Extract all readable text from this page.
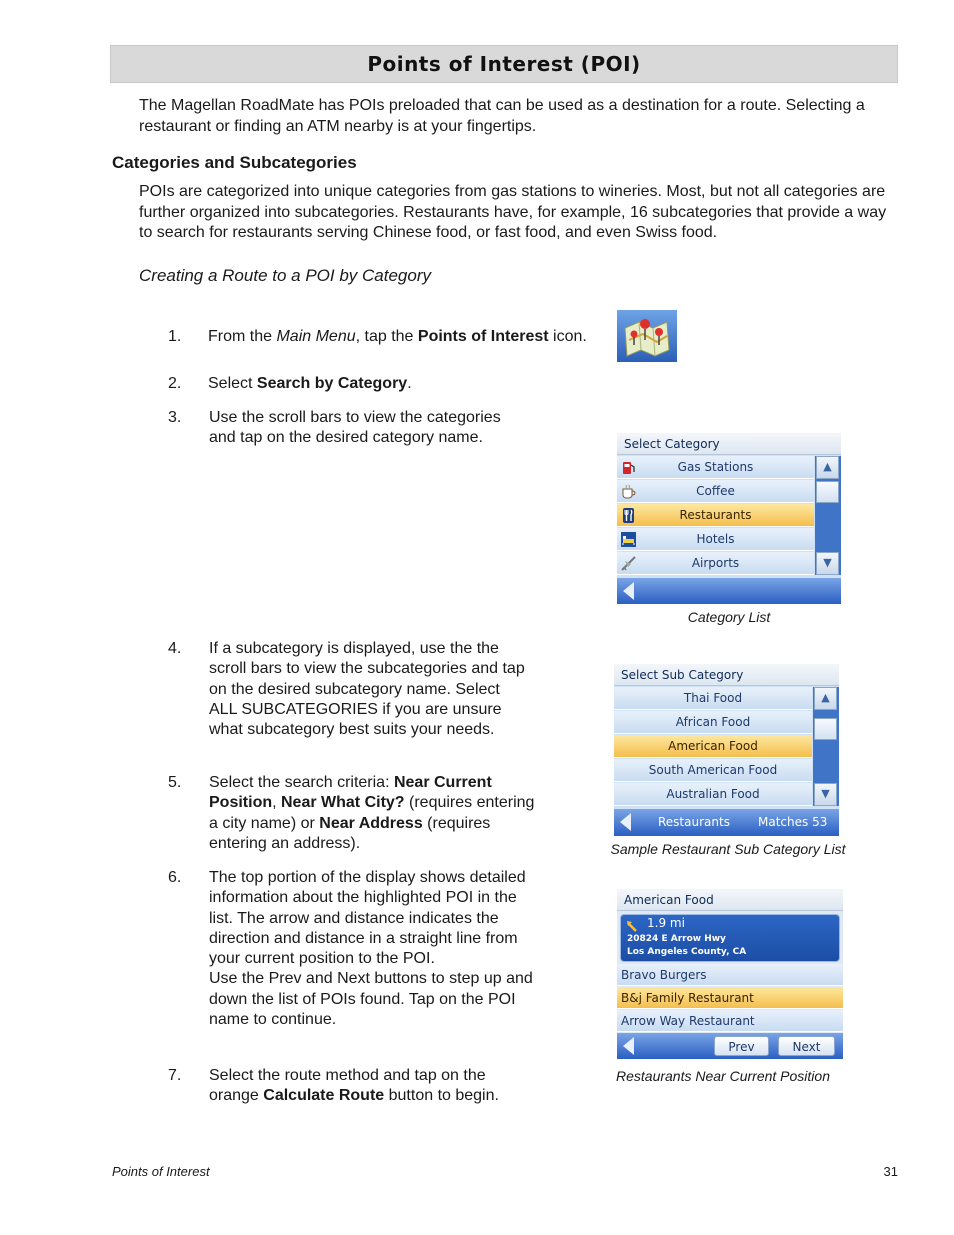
Points of Interest (POI)
The Magellan RoadMate has POIs preloaded that can be used as a destination for a route. Selecting a restaurant or finding an ATM nearby is at your fingertips.
Categories and Subcategories
POIs are categorized into unique categories from gas stations to wineries. Most, but not all categories are further organized into subcategories. Restaurants have, for example, 16 subcategories that provide a way to search for restaurants serving Chinese food, or fast food, and even Swiss food.
Creating a Route to a POI by Category
1. From the Main Menu, tap the Points of Interest icon.
2. Select Search by Category.
3. Use the scroll bars to view the categories and tap on the desired category name.	Select Category
Gas Stations
Coffee
Restaurants
Hotels
Airports
▲
▼
Category List
4. If a subcategory is displayed, use the the scroll bars to view the subcategories and tap on the desired subcategory name. Select ALL SUBCATEGORIES if you are unsure what subcategory best suits your needs.
Select Sub Category
Thai Food
African Food
American Food
South American Food
Australian Food
▲
▼
Restaurants Matches 53
Sample Restaurant Sub Category List
5. Select the search criteria: Near Current Position, Near What City? (requires entering a city name) or Near Address (requires entering an address).
6. The top portion of the display shows detailed information about the highlighted POI in the list. The arrow and distance indicates the direction and distance in a straight line from your current position to the POI.
Use the Prev and Next buttons to step up and down the list of POIs found. Tap on the POI name to continue.
American Food
1.9 mi
20824 E Arrow Hwy
Los Angeles County, CA
Bravo Burgers
B&j Family Restaurant
Arrow Way Restaurant
Prev	Next
Restaurants Near Current Position
7. Select the route method and tap on the orange Calculate Route button to begin.
Points of Interest	31
